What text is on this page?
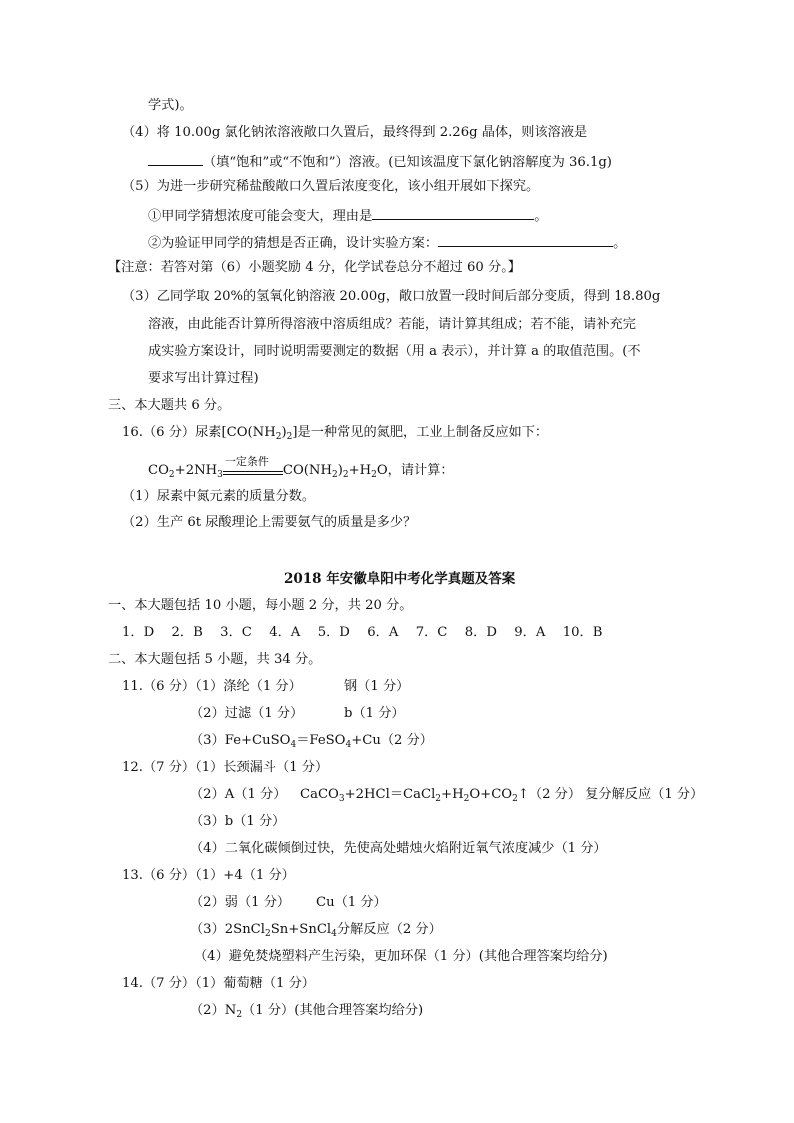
学式)。
（4）将 10.00g 氯化钠浓溶液敞口久置后，最终得到 2.26g 晶体，则该溶液是
（填“饱和”或“不饱和”）溶液。(已知该温度下氯化钠溶解度为 36.1g)
（5）为进一步研究稀盐酸敞口久置后浓度变化，该小组开展如下探究。
①甲同学猜想浓度可能会变大，理由是	。
②为验证甲同学的猜想是否正确，设计实验方案：	。
【注意：若答对第（6）小题奖励 4 分，化学试卷总分不超过 60 分。】
（3）乙同学取 20%的氢氧化钠溶液 20.00g，敞口放置一段时间后部分变质，得到 18.80g
溶液，由此能否计算所得溶液中溶质组成？若能，请计算其组成；若不能，请补充完
成实验方案设计，同时说明需要测定的数据（用 a 表示），并计算 a 的取值范围。(不
要求写出计算过程)
三、本大题共 6 分。
16.（6 分）尿素$[CO(NH_2)_2]$是一种常见的氮肥，工业上制备反应如下：
$CO_2+2NH_3$
一定条件
$CO(NH_2)_2+H_2O$，请计算：
（1）尿素中氮元素的质量分数。
（2）生产 6t 尿酸理论上需要氨气的质量是多少？
2018 年安徽阜阳中考化学真题及答案
一、本大题包括 10 小题，每小题 2 分，共 20 分。
1．D　 2．B　 3．C　 4．A　 5．D　 6．A　 7．C　 8．D　 9．A　 10．B
二、本大题包括 5 小题，共 34 分。
11.（6 分）（1）涤纶（1 分）	钢（1 分）
（2）过滤（1 分）	b（1 分）
（3）Fe+CuSO$_4$＝FeSO$_4$+Cu（2 分）
12.（7 分）（1）长颈漏斗（1 分）
（2）A（1 分） $CaCO_3+2HCl=CaCl_2+H_2O+CO_2↑(2$ 分） 复分解反应（1 分）
（3）b（1 分）
（4）二氧化碳倾倒过快，先使高处蜡烛火焰附近氧气浓度减少（1 分）
13.（6 分）（1）+4（1 分）
（2）弱（1 分） Cu（1 分）
（3）2SnCl$_2$Sn+SnCl$_4$分解反应（2 分）
（4）避免焚烧塑料产生污染，更加环保（1 分）(其他合理答案均给分)
14.（7 分）（1）葡萄糖（1 分）
$(2)N_2(1$ 分）(其他合理答案均给分)
